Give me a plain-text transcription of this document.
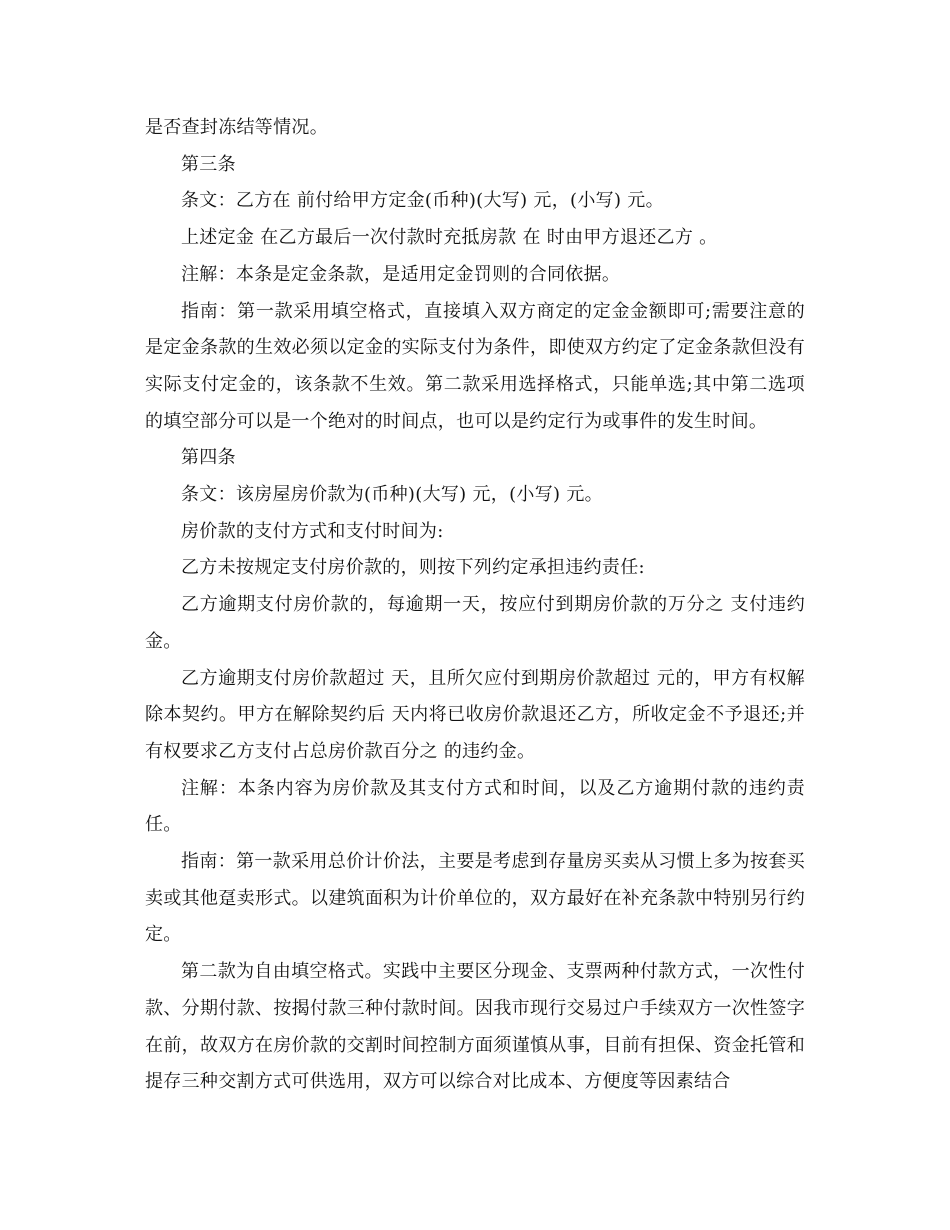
是否查封冻结等情况。

第三条

条文：乙方在 前付给甲方定金(币种)(大写) 元，(小写) 元。

上述定金 在乙方最后一次付款时充抵房款 在 时由甲方退还乙方 。

注解：本条是定金条款，是适用定金罚则的合同依据。

指南：第一款采用填空格式，直接填入双方商定的定金金额即可;需要注意的是定金条款的生效必须以定金的实际支付为条件，即使双方约定了定金条款但没有实际支付定金的，该条款不生效。第二款采用选择格式，只能单选;其中第二选项的填空部分可以是一个绝对的时间点，也可以是约定行为或事件的发生时间。

第四条

条文：该房屋房价款为(币种)(大写) 元，(小写) 元。

房价款的支付方式和支付时间为:

乙方未按规定支付房价款的，则按下列约定承担违约责任:

乙方逾期支付房价款的，每逾期一天，按应付到期房价款的万分之 支付违约金。

乙方逾期支付房价款超过 天，且所欠应付到期房价款超过 元的，甲方有权解除本契约。甲方在解除契约后 天内将已收房价款退还乙方，所收定金不予退还;并有权要求乙方支付占总房价款百分之 的违约金。

注解：本条内容为房价款及其支付方式和时间，以及乙方逾期付款的违约责任。

指南：第一款采用总价计价法，主要是考虑到存量房买卖从习惯上多为按套买卖或其他趸卖形式。以建筑面积为计价单位的，双方最好在补充条款中特别另行约定。

第二款为自由填空格式。实践中主要区分现金、支票两种付款方式，一次性付款、分期付款、按揭付款三种付款时间。因我市现行交易过户手续双方一次性签字在前，故双方在房价款的交割时间控制方面须谨慎从事，目前有担保、资金托管和提存三种交割方式可供选用，双方可以综合对比成本、方便度等因素结合
